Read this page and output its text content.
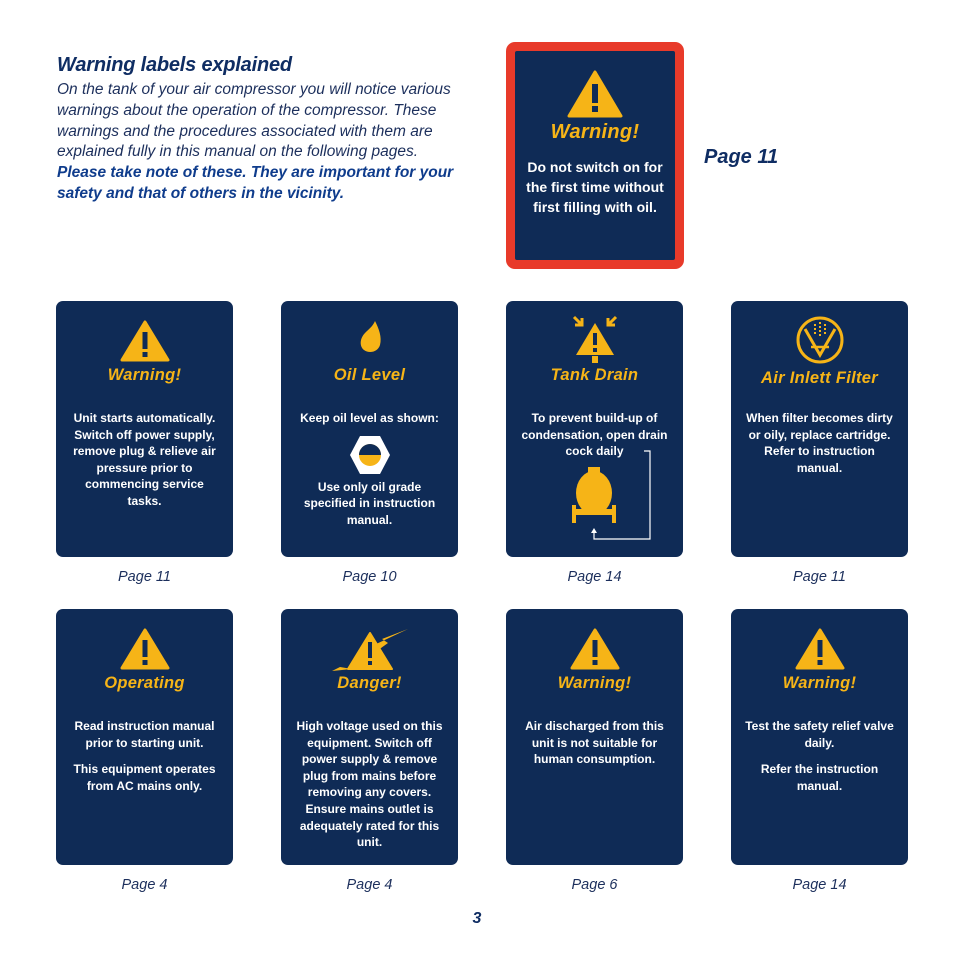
Warning labels explained

On the tank of your air compressor you will notice various warnings about the operation of the compressor. These warnings and the procedures associated with them are explained fully in this manual on the following pages.

Please take note of these. They are important for your safety and that of others in the vicinity.

Warning!
Do not switch on for the first time without first filling with oil.
Page 11
Warning!
Unit starts automatically. Switch off power supply, remove plug & relieve air pressure prior to commencing service tasks.
Oil Level
Keep oil level as shown:
Use only oil grade specified in instruction manual.
Tank Drain
To prevent build-up of condensation, open drain cock daily
Air Inlett Filter
When filter becomes dirty or oily, replace cartridge. Refer to instruction manual.
Page 11	Page 10	Page 14	Page 11
Operating
Read instruction manual prior to starting unit.
This equipment operates from AC mains only.
Danger!
High voltage used on this equipment. Switch off power supply & remove plug from mains before removing any covers. Ensure mains outlet is adequately rated for this unit.
Warning!
Air discharged from this unit is not suitable for human consumption.
Warning!
Test the safety relief valve daily.
Refer the instruction manual.
Page 4	Page 4	Page 6	Page 14
3
